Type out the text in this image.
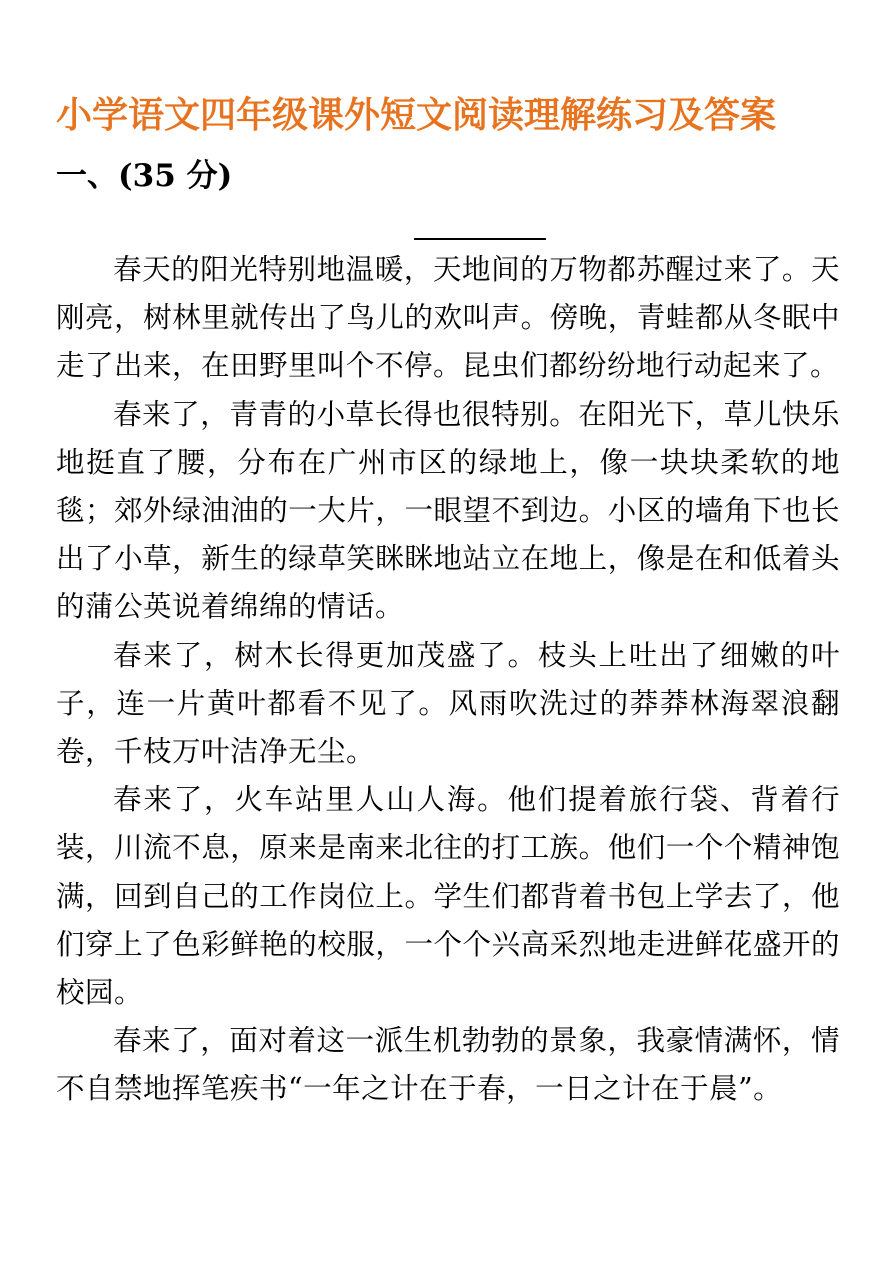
小学语文四年级课外短文阅读理解练习及答案
一、(35 分)

春天的阳光特别地温暖，天地间的万物都苏醒过来了。天刚亮，树林里就传出了鸟儿的欢叫声。傍晚，青蛙都从冬眠中走了出来，在田野里叫个不停。昆虫们都纷纷地行动起来了。

春来了，青青的小草长得也很特别。在阳光下，草儿快乐地挺直了腰，分布在广州市区的绿地上，像一块块柔软的地毯；郊外绿油油的一大片，一眼望不到边。小区的墙角下也长出了小草，新生的绿草笑眯眯地站立在地上，像是在和低着头的蒲公英说着绵绵的情话。

春来了，树木长得更加茂盛了。枝头上吐出了细嫩的叶子，连一片黄叶都看不见了。风雨吹洗过的莽莽林海翠浪翻卷，千枝万叶洁净无尘。

春来了，火车站里人山人海。他们提着旅行袋、背着行装，川流不息，原来是南来北往的打工族。他们一个个精神饱满，回到自己的工作岗位上。学生们都背着书包上学去了，他们穿上了色彩鲜艳的校服，一个个兴高采烈地走进鲜花盛开的校园。

春来了，面对着这一派生机勃勃的景象，我豪情满怀，情不自禁地挥笔疾书“一年之计在于春，一日之计在于晨”。
